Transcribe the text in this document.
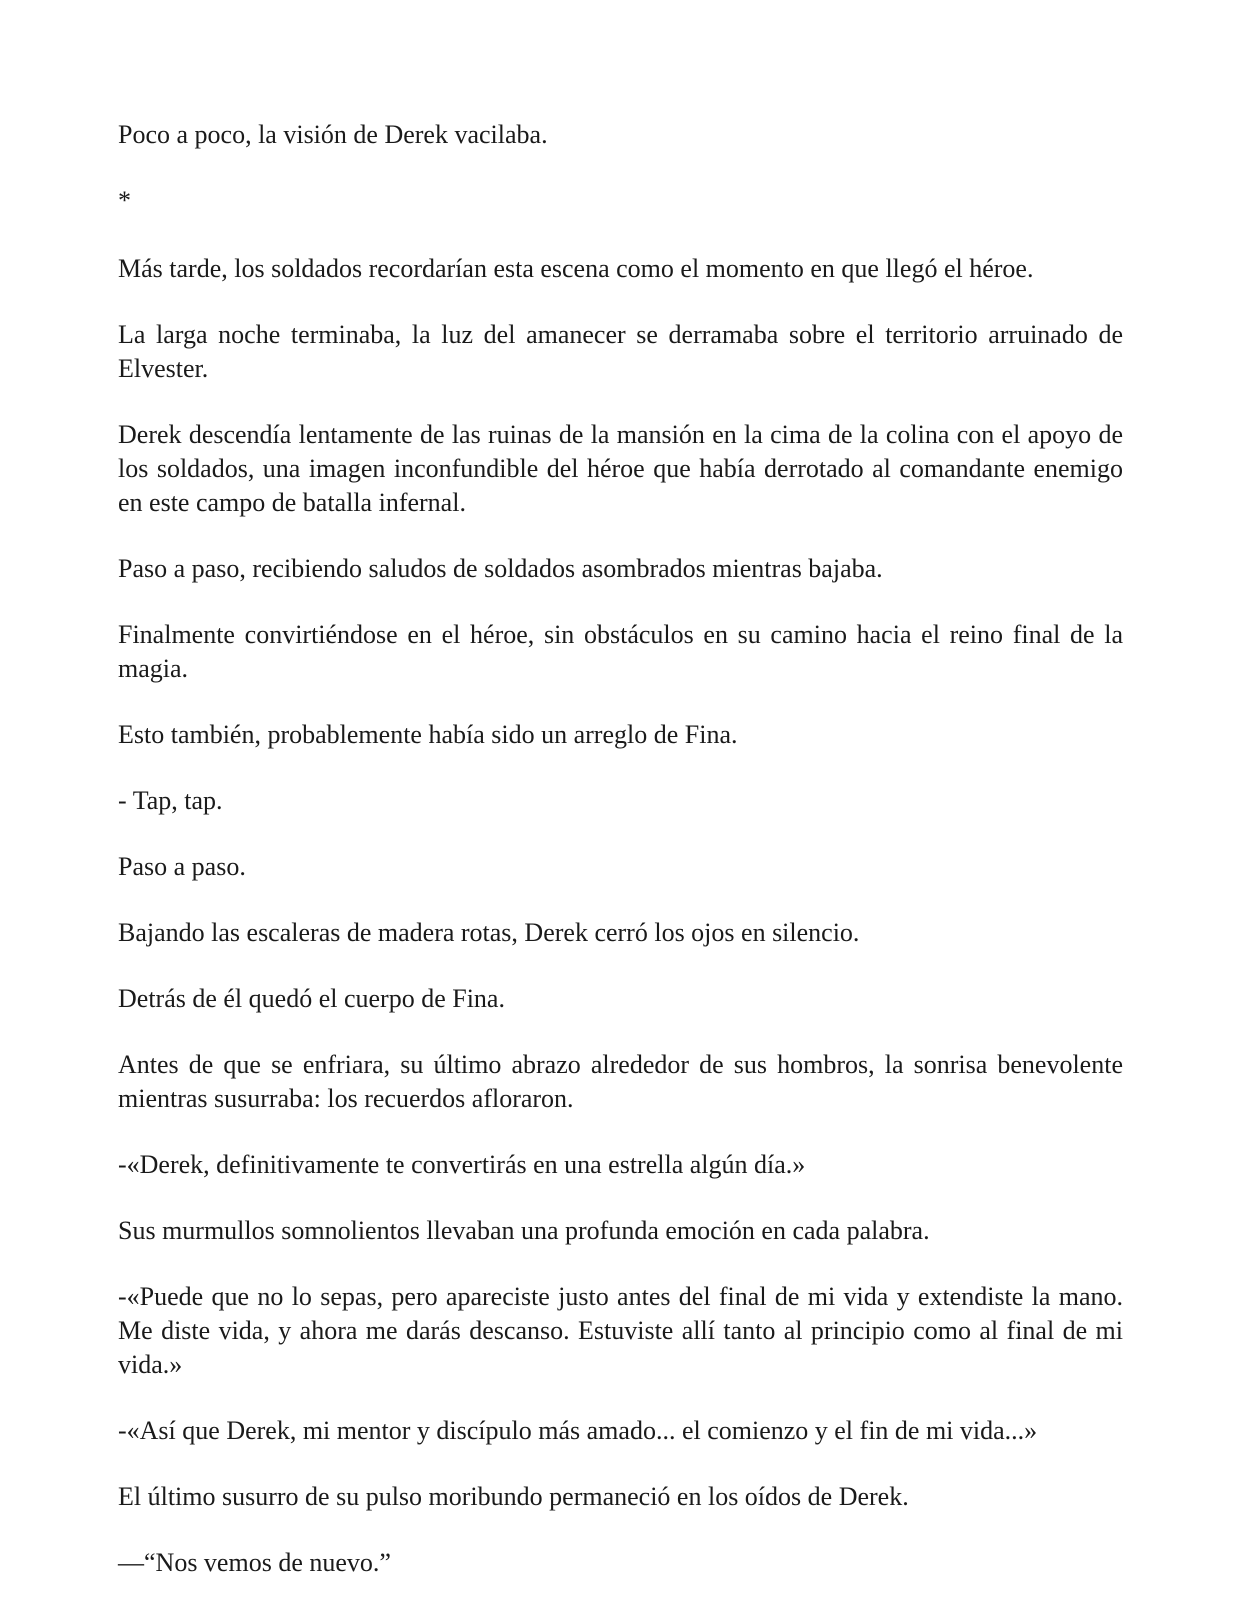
Poco a poco, la visión de Derek vacilaba.

*

Más tarde, los soldados recordarían esta escena como el momento en que llegó el héroe.

La larga noche terminaba, la luz del amanecer se derramaba sobre el territorio arruinado de Elvester.

Derek descendía lentamente de las ruinas de la mansión en la cima de la colina con el apoyo de los soldados, una imagen inconfundible del héroe que había derrotado al comandante enemigo en este campo de batalla infernal.

Paso a paso, recibiendo saludos de soldados asombrados mientras bajaba.

Finalmente convirtiéndose en el héroe, sin obstáculos en su camino hacia el reino final de la magia.

Esto también, probablemente había sido un arreglo de Fina.

- Tap, tap.

Paso a paso.

Bajando las escaleras de madera rotas, Derek cerró los ojos en silencio.

Detrás de él quedó el cuerpo de Fina.

Antes de que se enfriara, su último abrazo alrededor de sus hombros, la sonrisa benevolente mientras susurraba: los recuerdos afloraron.

-«Derek, definitivamente te convertirás en una estrella algún día.»

Sus murmullos somnolientos llevaban una profunda emoción en cada palabra.

-«Puede que no lo sepas, pero apareciste justo antes del final de mi vida y extendiste la mano. Me diste vida, y ahora me darás descanso. Estuviste allí tanto al principio como al final de mi vida.»

-«Así que Derek, mi mentor y discípulo más amado... el comienzo y el fin de mi vida...»

El último susurro de su pulso moribundo permaneció en los oídos de Derek.

—“Nos vemos de nuevo.”
